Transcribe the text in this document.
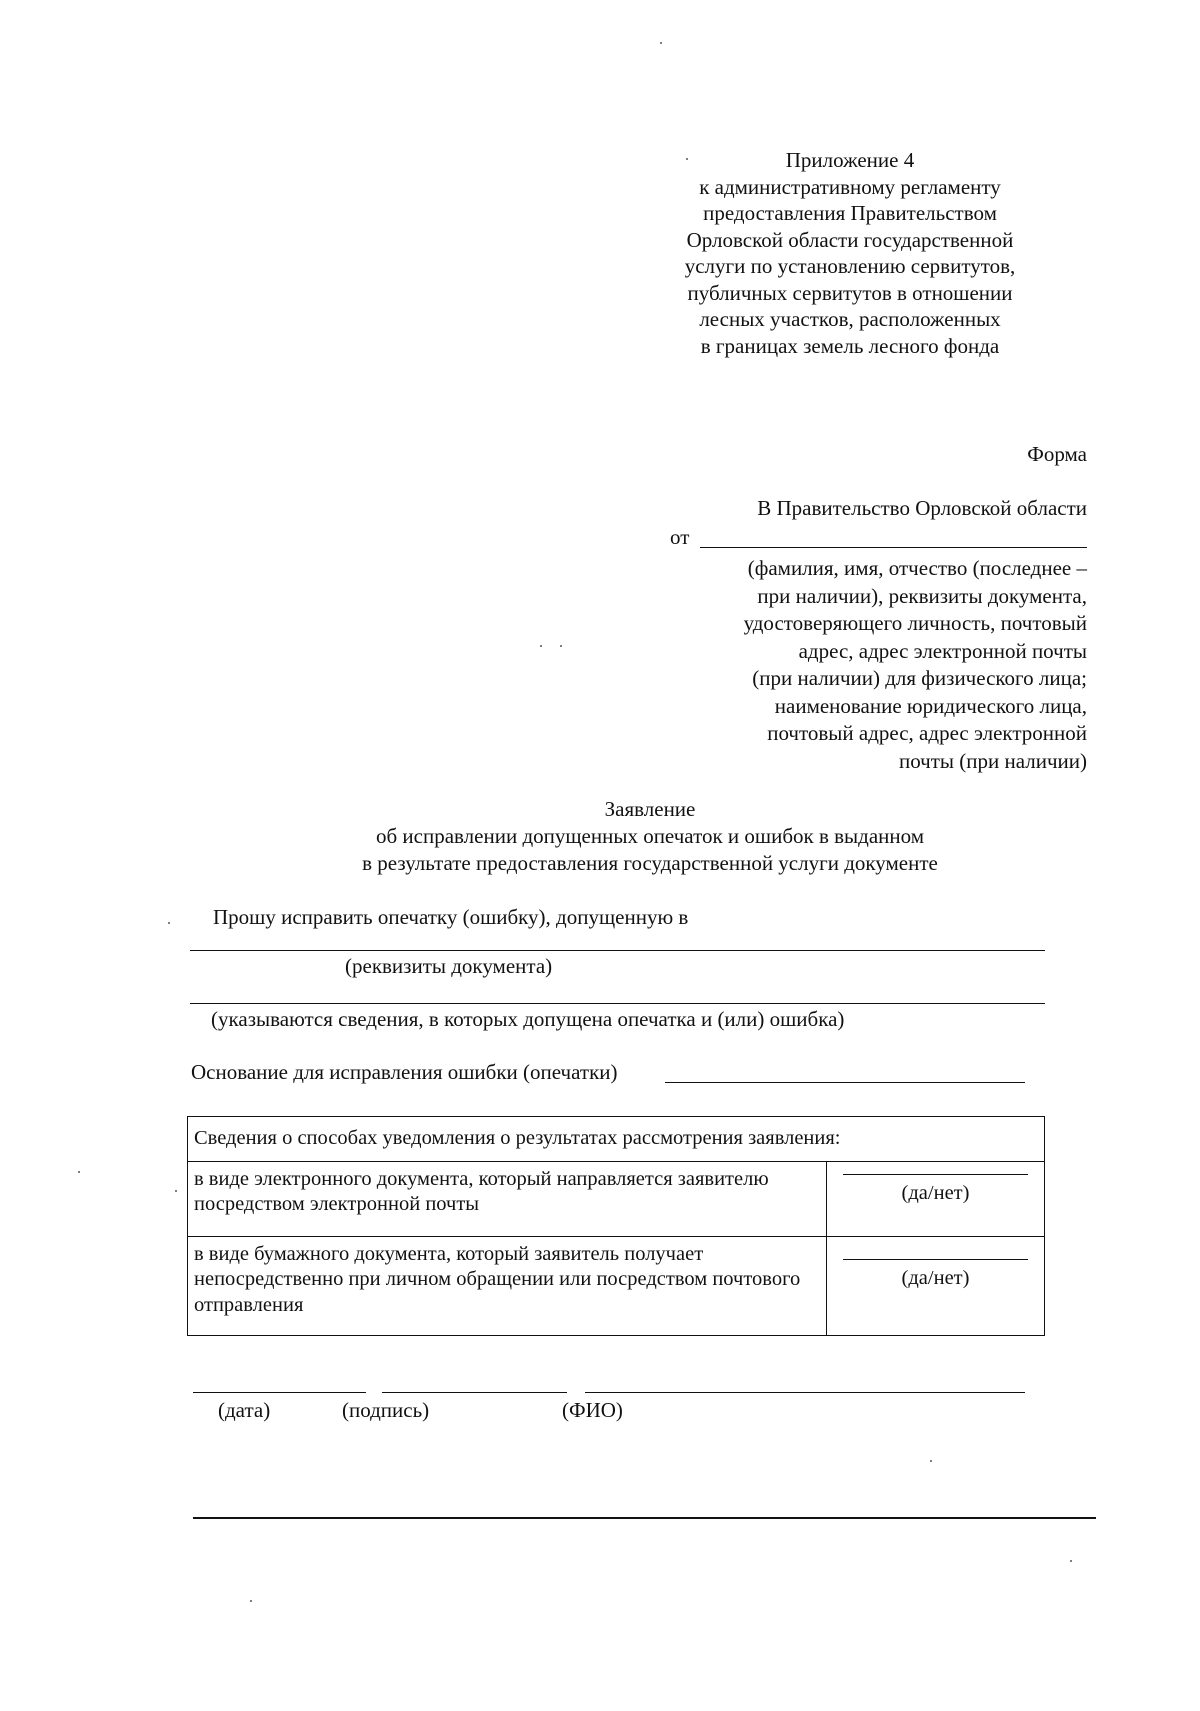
Приложение 4
к административному регламенту
предоставления Правительством
Орловской области государственной
услуги по установлению сервитутов,
публичных сервитутов в отношении
лесных участков, расположенных
в границах земель лесного фонда
Форма
В Правительство Орловской области
от
(фамилия, имя, отчество (последнее –
при наличии), реквизиты документа,
удостоверяющего личность, почтовый
адрес, адрес электронной почты
(при наличии) для физического лица;
наименование юридического лица,
почтовый адрес, адрес электронной
почты (при наличии)
Заявление
об исправлении допущенных опечаток и ошибок в выданном
в результате предоставления государственной услуги документе
Прошу исправить опечатку (ошибку), допущенную в
(реквизиты документа)
(указываются сведения, в которых допущена опечатка и (или) ошибка)
Основание для исправления ошибки (опечатки)
Сведения о способах уведомления о результатах рассмотрения заявления:	
в виде электронного документа, который направляется заявителю посредством электронной почты	(да/нет)

в виде бумажного документа, который заявитель получает непосредственно при личном обращении или посредством почтового отправления	(да/нет)
(дата)	(подпись)	(ФИО)
